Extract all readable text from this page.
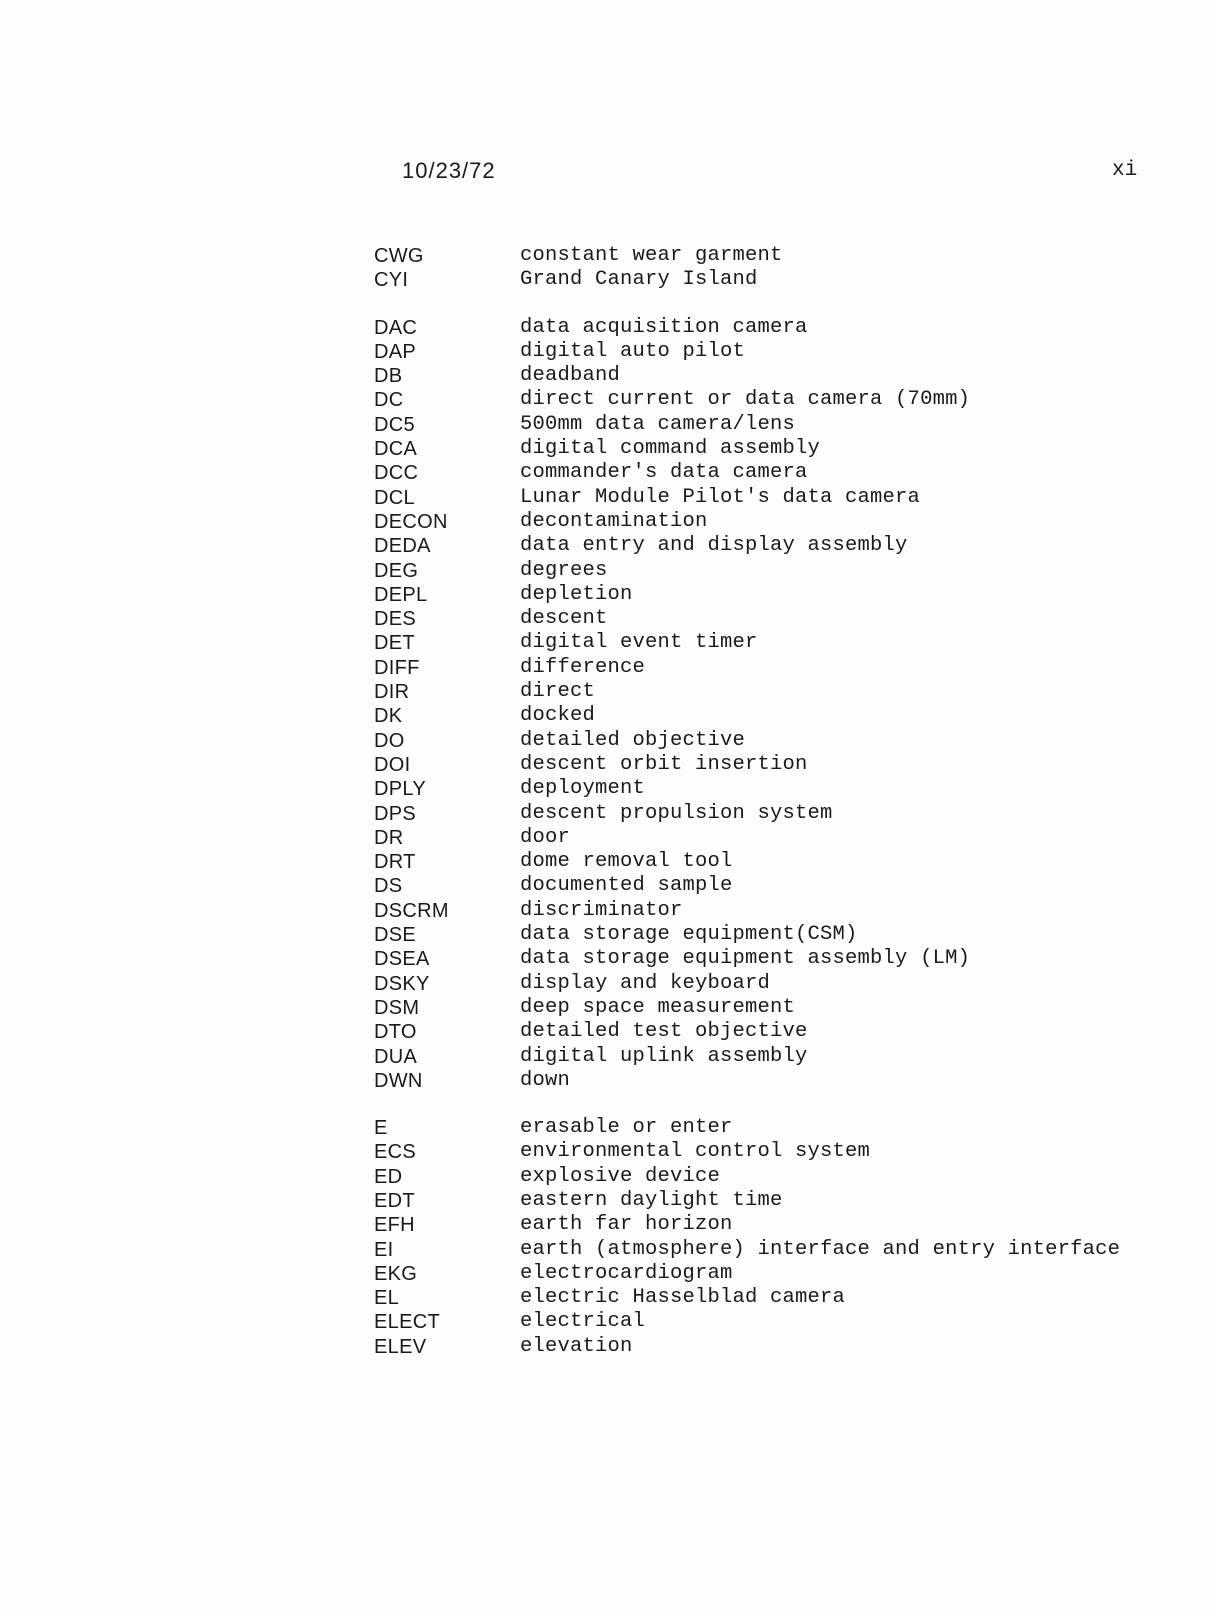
10/23/72	xi
CWG	constant wear garment
CYI	Grand Canary Island
DAC	data acquisition camera
DAP	digital auto pilot
DB	deadband
DC	direct current or data camera (70mm)
DC5	500mm data camera/lens
DCA	digital command assembly
DCC	commander's data camera
DCL	Lunar Module Pilot's data camera
DECON	decontamination
DEDA	data entry and display assembly
DEG	degrees
DEPL	depletion
DES	descent
DET	digital event timer
DIFF	difference
DIR	direct
DK	docked
DO	detailed objective
DOI	descent orbit insertion
DPLY	deployment
DPS	descent propulsion system
DR	door
DRT	dome removal tool
DS	documented sample
DSCRM	discriminator
DSE	data storage equipment(CSM)
DSEA	data storage equipment assembly (LM)
DSKY	display and keyboard
DSM	deep space measurement
DTO	detailed test objective
DUA	digital uplink assembly
DWN	down
E	erasable or enter
ECS	environmental control system
ED	explosive device
EDT	eastern daylight time
EFH	earth far horizon
EI	earth (atmosphere) interface and entry interface
EKG	electrocardiogram
EL	electric Hasselblad camera
ELECT	electrical
ELEV	elevation
